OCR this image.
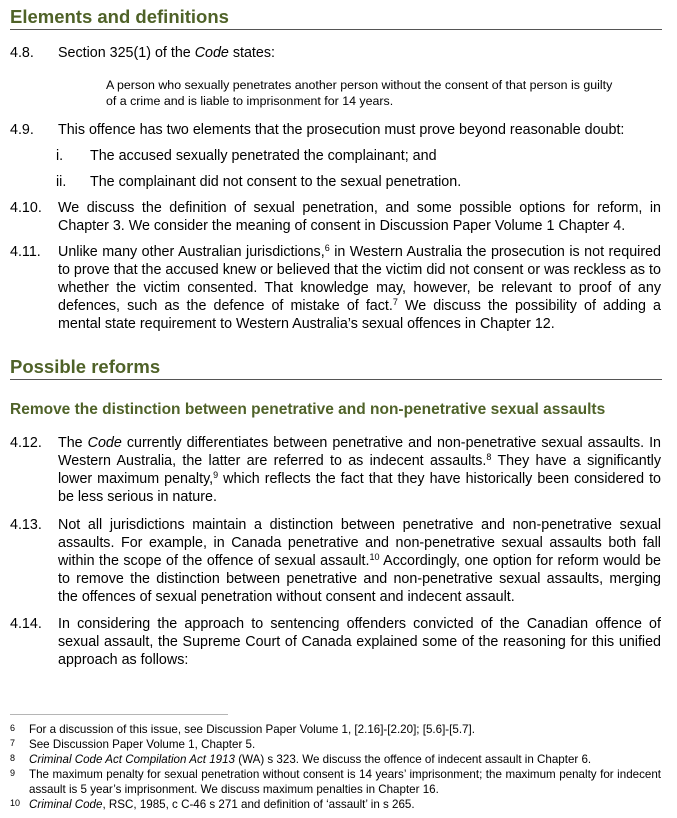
Elements and definitions
4.8. Section 325(1) of the Code states:
A person who sexually penetrates another person without the consent of that person is guilty of a crime and is liable to imprisonment for 14 years.
4.9. This offence has two elements that the prosecution must prove beyond reasonable doubt:
i. The accused sexually penetrated the complainant; and
ii. The complainant did not consent to the sexual penetration.
4.10. We discuss the definition of sexual penetration, and some possible options for reform, in Chapter 3. We consider the meaning of consent in Discussion Paper Volume 1 Chapter 4.
4.11. Unlike many other Australian jurisdictions,$^6$ in Western Australia the prosecution is not required to prove that the accused knew or believed that the victim did not consent or was reckless as to whether the victim consented. That knowledge may, however, be relevant to proof of any defences, such as the defence of mistake of fact.$^7$ We discuss the possibility of adding a mental state requirement to Western Australia’s sexual offences in Chapter 12.
Possible reforms
Remove the distinction between penetrative and non-penetrative sexual assaults
4.12. The Code currently differentiates between penetrative and non-penetrative sexual assaults. In Western Australia, the latter are referred to as indecent assaults.$^8$ They have a significantly lower maximum penalty,$^9$ which reflects the fact that they have historically been considered to be less serious in nature.
4.13. Not all jurisdictions maintain a distinction between penetrative and non-penetrative sexual assaults. For example, in Canada penetrative and non-penetrative sexual assaults both fall within the scope of the offence of sexual assault.$^{10}$ Accordingly, one option for reform would be to remove the distinction between penetrative and non-penetrative sexual assaults, merging the offences of sexual penetration without consent and indecent assault.
4.14. In considering the approach to sentencing offenders convicted of the Canadian offence of sexual assault, the Supreme Court of Canada explained some of the reasoning for this unified approach as follows:
6 For a discussion of this issue, see Discussion Paper Volume 1, [2.16]-[2.20]; [5.6]-[5.7].
7 See Discussion Paper Volume 1, Chapter 5.
8 Criminal Code Act Compilation Act 1913 (WA) s 323. We discuss the offence of indecent assault in Chapter 6.
9 The maximum penalty for sexual penetration without consent is 14 years’ imprisonment; the maximum penalty for indecent assault is 5 year’s imprisonment. We discuss maximum penalties in Chapter 16.
10 Criminal Code, RSC, 1985, c C-46 s 271 and definition of ‘assault’ in s 265.
